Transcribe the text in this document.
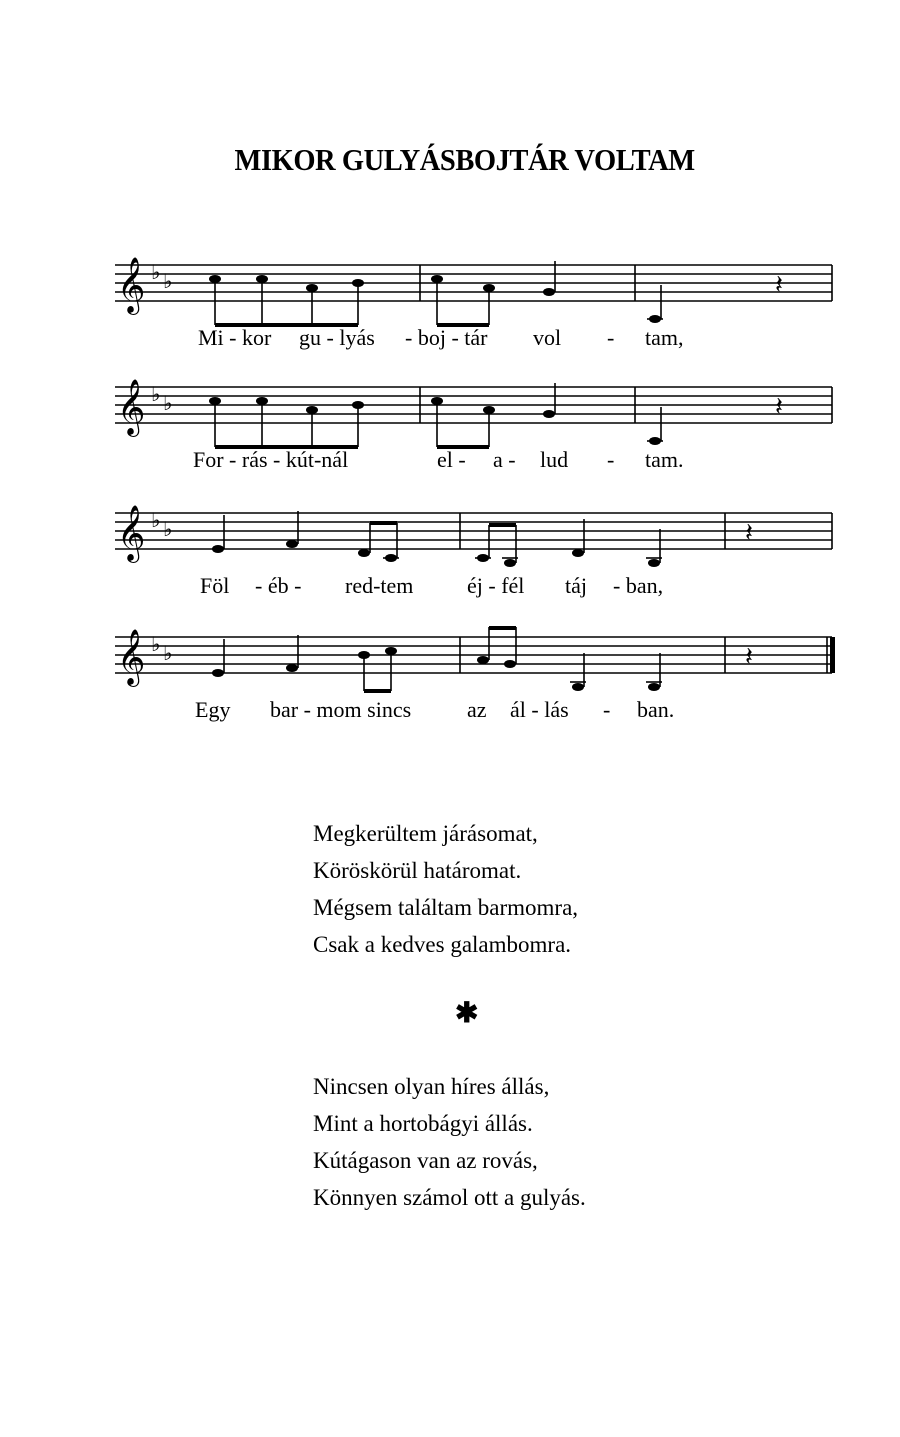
MIKOR GULYÁSBOJTÁR VOLTAM
𝄞 ♭ ♭	𝄽
Mi - kor gu - lyás - boj - tár vol - tam,
𝄞 ♭ ♭	𝄽
For - rás - kút-nál	el - a - lud - tam.
𝄞 ♭ ♭	𝄽
Föl - éb - red-tem éj - fél táj - ban,
𝄞 ♭ ♭	𝄽
Egy bar - mom sincs	az ál - lás - ban.
Megkerültem járásomat,
Köröskörül határomat.
Mégsem találtam barmomra,
Csak a kedves galambomra.
✱
Nincsen olyan híres állás,
Mint a hortobágyi állás.
Kútágason van az rovás,
Könnyen számol ott a gulyás.
